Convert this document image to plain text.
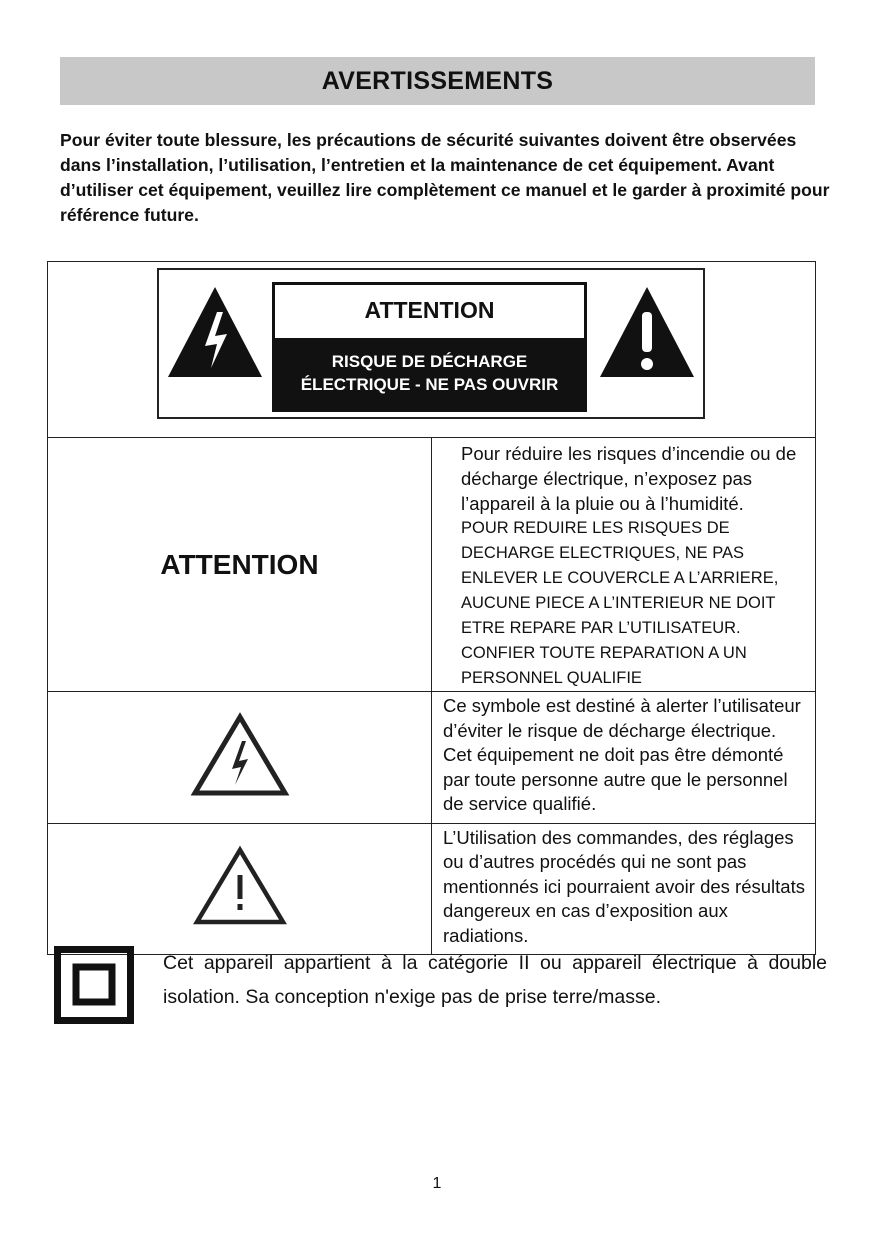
AVERTISSEMENTS

Pour éviter toute blessure, les précautions de sécurité suivantes doivent être observées dans l’installation, l’utilisation, l’entretien et la maintenance de cet équipement. Avant d’utiliser cet équipement, veuillez lire complètement ce manuel et le garder à proximité pour référence future.

ATTENTION
RISQUE DE DÉCHARGE
ÉLECTRIQUE - NE PAS OUVRIR	

ATTENTION	Pour réduire les risques d’incendie ou de décharge électrique, n’exposez pas l’appareil à la pluie ou à l’humidité.

POUR REDUIRE LES RISQUES DE DECHARGE ELECTRIQUES, NE PAS ENLEVER LE COUVERCLE A L’ARRIERE, AUCUNE PIECE A L’INTERIEUR NE DOIT ETRE REPARE PAR L’UTILISATEUR.

CONFIER TOUTE REPARATION A UN PERSONNEL QUALIFIE

	Ce symbole est destiné à alerter l’utilisateur d’éviter le risque de décharge électrique. Cet équipement ne doit pas être démonté par toute personne autre que le personnel de service qualifié.
	L’Utilisation des commandes, des réglages ou d’autres procédés qui ne sont pas mentionnés ici pourraient avoir des résultats dangereux en cas d’exposition aux radiations.

Cet appareil appartient à la catégorie II ou appareil électrique à double isolation. Sa conception n'exige pas de prise terre/masse.

1
